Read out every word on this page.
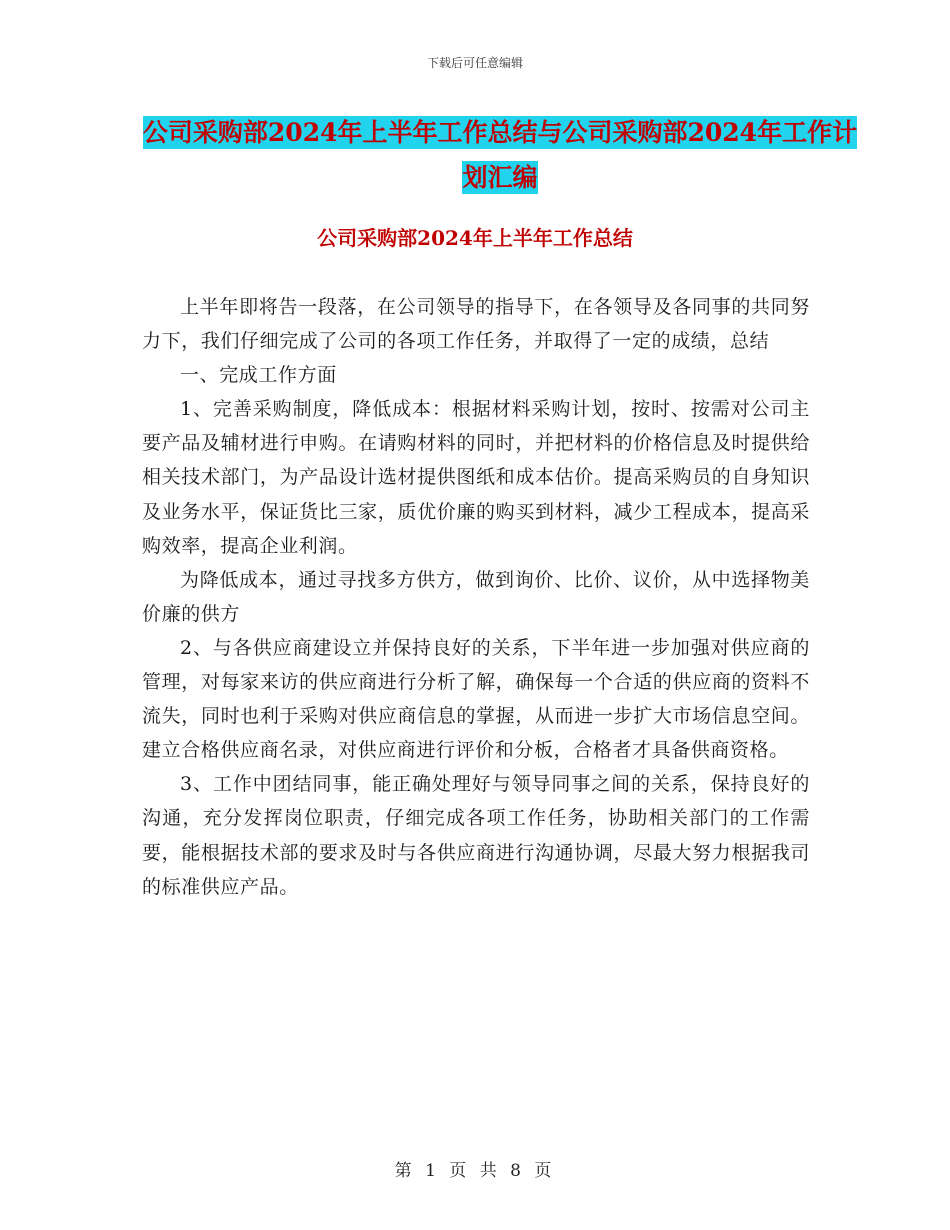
下载后可任意编辑
公司采购部2024年上半年工作总结与公司采购部2024年工作计划汇编
公司采购部2024年上半年工作总结

上半年即将告一段落，在公司领导的指导下，在各领导及各同事的共同努力下，我们仔细完成了公司的各项工作任务，并取得了一定的成绩，总结

一、完成工作方面

1、完善采购制度，降低成本：根据材料采购计划，按时、按需对公司主要产品及辅材进行申购。在请购材料的同时，并把材料的价格信息及时提供给相关技术部门，为产品设计选材提供图纸和成本估价。提高采购员的自身知识及业务水平，保证货比三家，质优价廉的购买到材料，减少工程成本，提高采购效率，提高企业利润。

为降低成本，通过寻找多方供方，做到询价、比价、议价，从中选择物美价廉的供方

2、与各供应商建设立并保持良好的关系，下半年进一步加强对供应商的管理，对每家来访的供应商进行分析了解，确保每一个合适的供应商的资料不流失，同时也利于采购对供应商信息的掌握，从而进一步扩大市场信息空间。建立合格供应商名录，对供应商进行评价和分板，合格者才具备供商资格。

3、工作中团结同事，能正确处理好与领导同事之间的关系，保持良好的沟通，充分发挥岗位职责，仔细完成各项工作任务，协助相关部门的工作需要，能根据技术部的要求及时与各供应商进行沟通协调，尽最大努力根据我司的标准供应产品。

第 1 页 共 8 页
